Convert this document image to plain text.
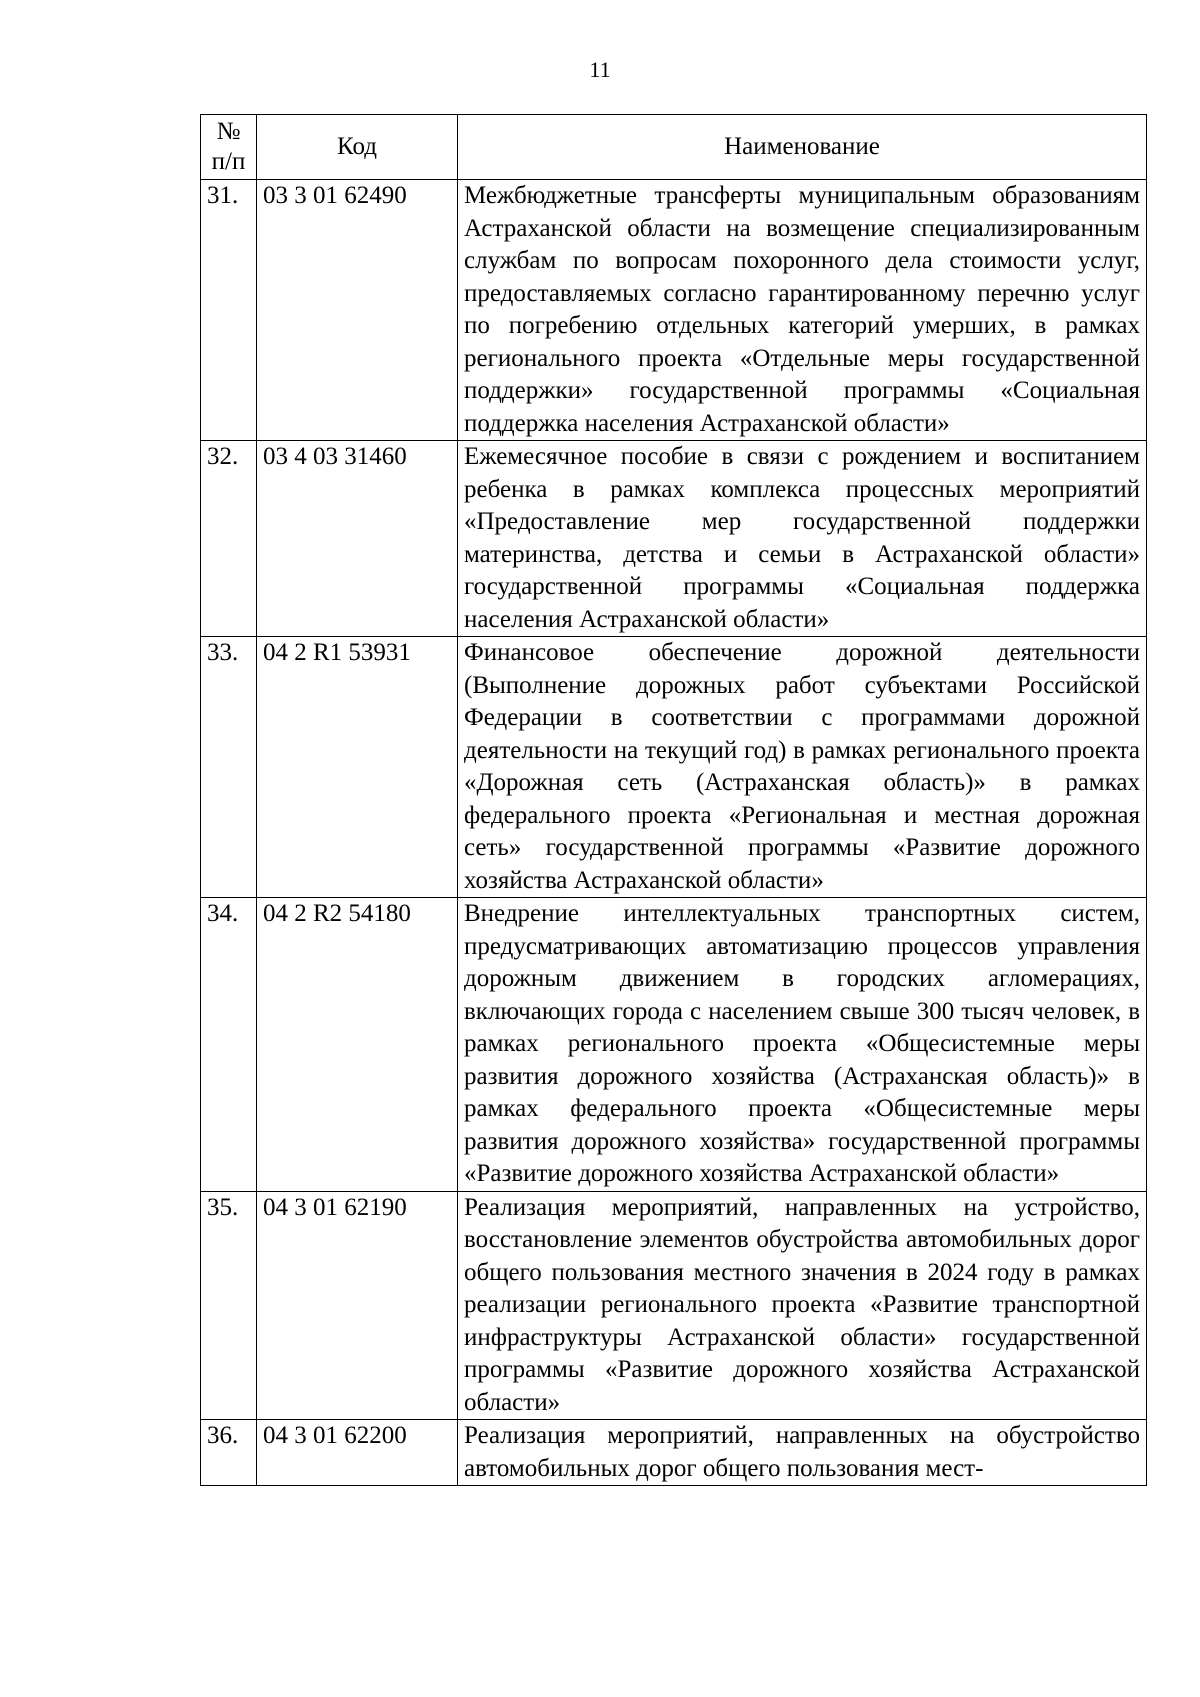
11
№
п/п	Код	Наименование
31.	03 3 01 62490	Межбюджетные трансферты муниципальным образованиям Астраханской области на возмещение специализированным службам по вопросам похоронного дела стоимости услуг, предоставляемых согласно гарантированному перечню услуг по погребению отдельных категорий умерших, в рамках регионального проекта «Отдельные меры государственной поддержки» государственной программы «Социальная поддержка населения Астраханской области»
32.	03 4 03 31460	Ежемесячное пособие в связи с рождением и воспитанием ребенка в рамках комплекса процессных мероприятий «Предоставление мер государственной поддержки материнства, детства и семьи в Астраханской области» государственной программы «Социальная поддержка населения Астраханской области»
33.	04 2 R1 53931	Финансовое обеспечение дорожной деятельности (Выполнение дорожных работ субъектами Российской Федерации в соответствии с программами дорожной деятельности на текущий год) в рамках регионального проекта «Дорожная сеть (Астраханская область)» в рамках федерального проекта «Региональная и местная дорожная сеть» государственной программы «Развитие дорожного хозяйства Астраханской области»
34.	04 2 R2 54180	Внедрение интеллектуальных транспортных систем, предусматривающих автоматизацию процессов управления дорожным движением в городских агломерациях, включающих города с населением свыше 300 тысяч человек, в рамках регионального проекта «Общесистемные меры развития дорожного хозяйства (Астраханская область)» в рамках федерального проекта «Общесистемные меры развития дорожного хозяйства» государственной программы «Развитие дорожного хозяйства Астраханской области»
35.	04 3 01 62190	Реализация мероприятий, направленных на устройство, восстановление элементов обустройства автомобильных дорог общего пользования местного значения в 2024 году в рамках реализации регионального проекта «Развитие транспортной инфраструктуры Астраханской области» государственной программы «Развитие дорожного хозяйства Астраханской области»
36.	04 3 01 62200	Реализация мероприятий, направленных на обустройство автомобильных дорог общего пользования мест-
